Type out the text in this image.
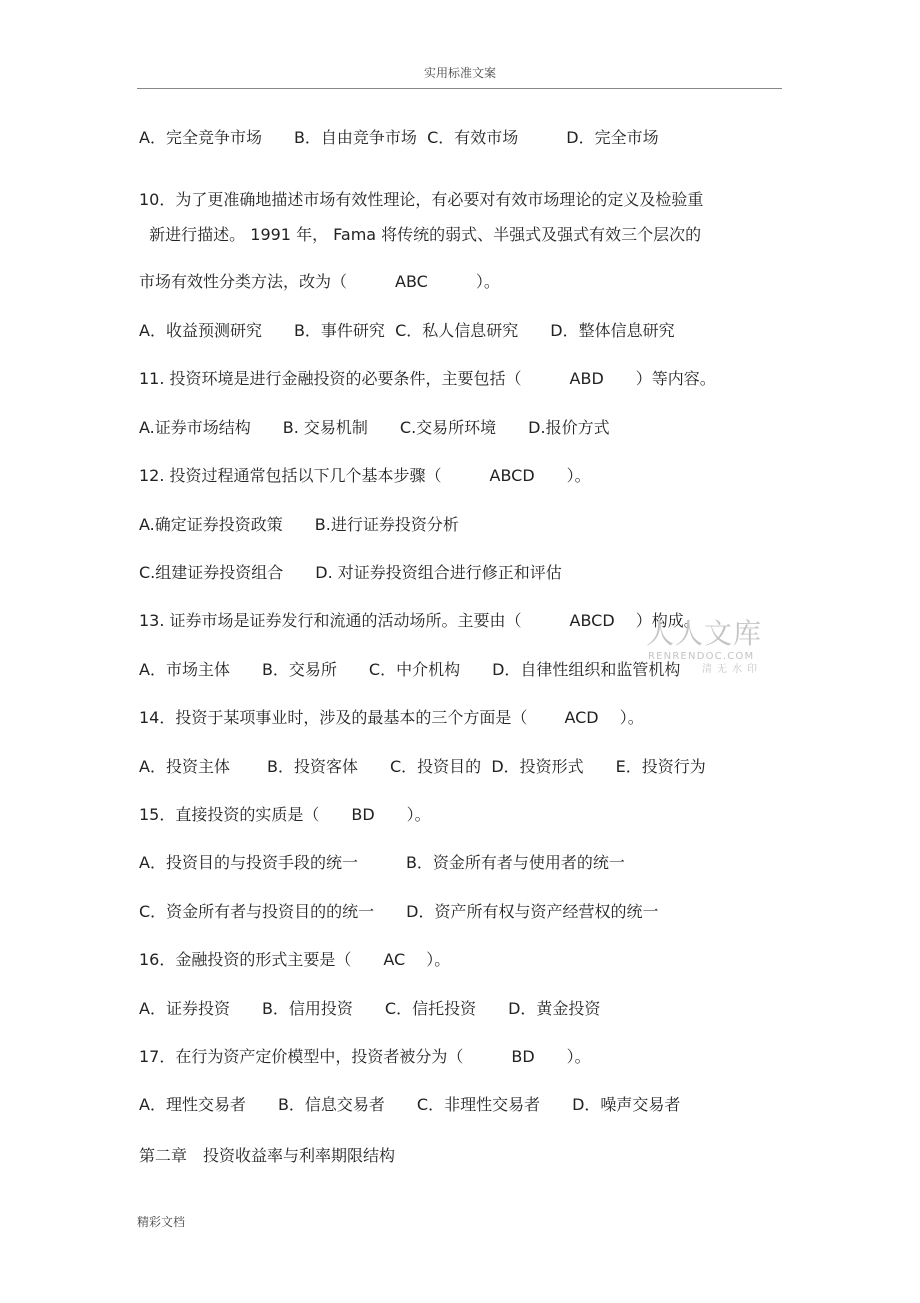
实用标准文案
A．完全竞争市场　　B．自由竞争市场  C．有效市场　　　D．完全市场
10．为了更准确地描述市场有效性理论，有必要对有效市场理论的定义及检验重
新进行描述。 1991 年， Fama 将传统的弱式、半强式及强式有效三个层次的
市场有效性分类方法，改为（　　　ABC　　　）。
A．收益预测研究　　B．事件研究  C．私人信息研究　　D．整体信息研究
11. 投资环境是进行金融投资的必要条件，主要包括（　　　ABD　　）等内容。
A.证券市场结构　　B. 交易机制　　C.交易所环境　　D.报价方式
12. 投资过程通常包括以下几个基本步骤（　　　ABCD　　）。
A.确定证券投资政策　　B.进行证券投资分析
C.组建证券投资组合　　D. 对证券投资组合进行修正和评估
13. 证券市场是证券发行和流通的活动场所。主要由（　　　ABCD　 ）构成。
A．市场主体　　B．交易所　　C．中介机构　　D．自律性组织和监管机构
14．投资于某项事业时，涉及的最基本的三个方面是（　　 ACD　 ）。
A．投资主体　　 B．投资客体　　C．投资目的  D．投资形式　　E．投资行为
15．直接投资的实质是（　　BD　　）。
A．投资目的与投资手段的统一　　　B．资金所有者与使用者的统一
C．资金所有者与投资目的的统一　　D．资产所有权与资产经营权的统一
16．金融投资的形式主要是（　　AC　 ）。
A．证券投资　　B．信用投资　　C．信托投资　　D．黄金投资
17．在行为资产定价模型中，投资者被分为（　　　BD　　）。
A．理性交易者　　B．信息交易者　　C．非理性交易者　　D．噪声交易者
第二章　投资收益率与利率期限结构
人人文库
RENRENDOC.COM
清无水印
精彩文档
